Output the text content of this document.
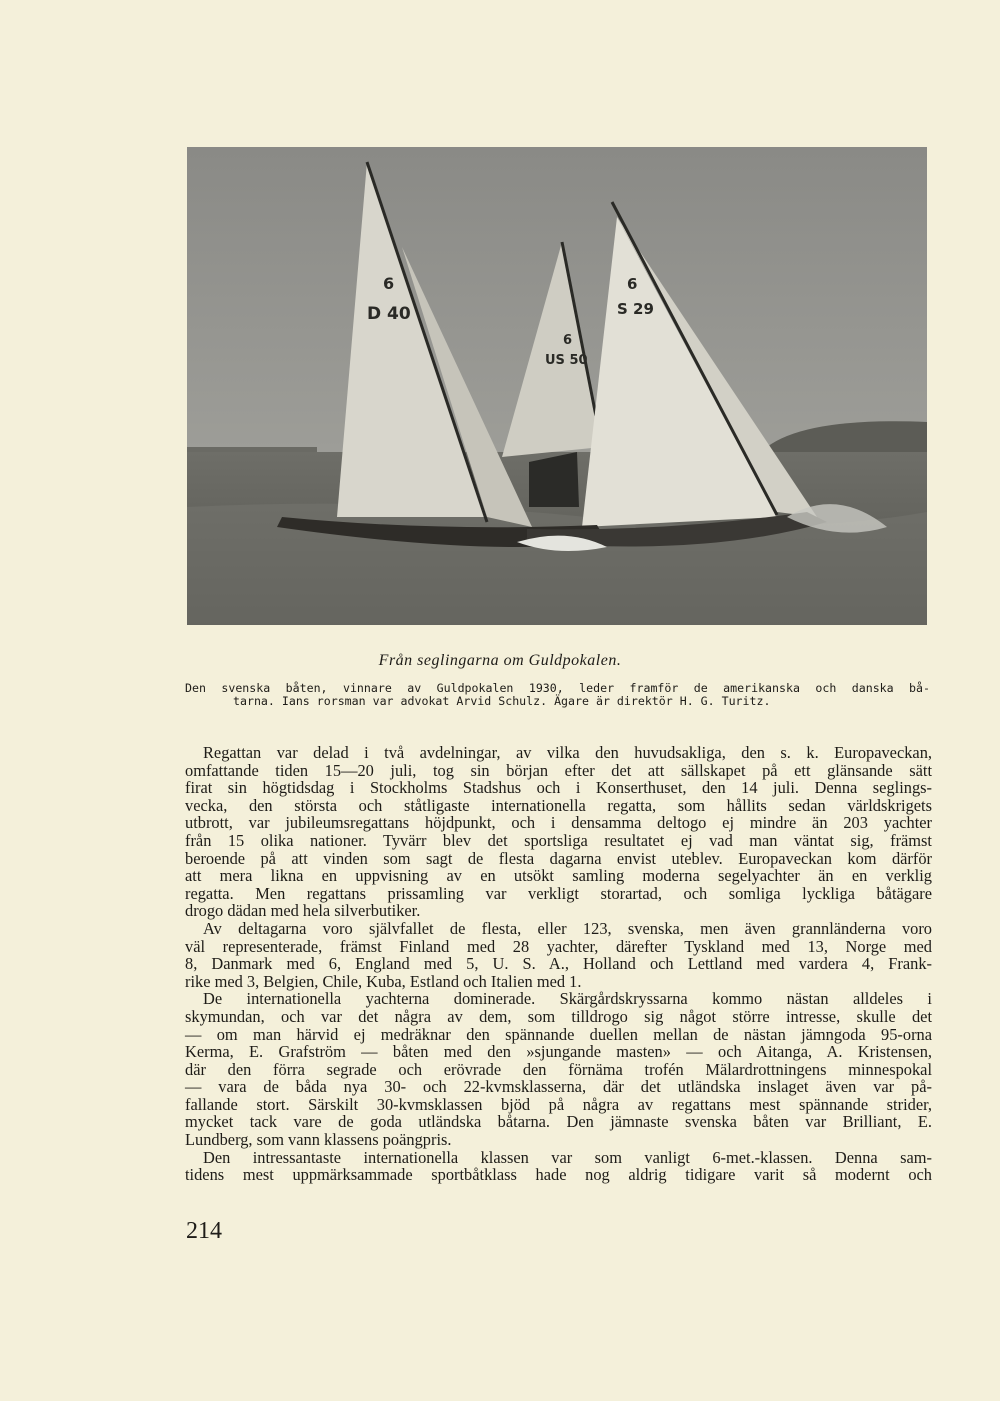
6
D 40
6
US 50
6
S 29
Från seglingarna om Guldpokalen.
Den svenska båten, vinnare av Guldpokalen 1930, leder framför de amerikanska och danska bå-
tarna. Ians rorsman var advokat Arvid Schulz. Ägare är direktör H. G. Turitz.
Regattan var delad i två avdelningar, av vilka den huvudsakliga, den s. k. Europaveckan,
omfattande tiden 15—20 juli, tog sin början efter det att sällskapet på ett glänsande sätt
firat sin högtidsdag i Stockholms Stadshus och i Konserthuset, den 14 juli. Denna seglings-
vecka, den största och ståtligaste internationella regatta, som hållits sedan världskrigets
utbrott, var jubileumsregattans höjdpunkt, och i densamma deltogo ej mindre än 203 yachter
från 15 olika nationer. Tyvärr blev det sportsliga resultatet ej vad man väntat sig, främst
beroende på att vinden som sagt de flesta dagarna envist uteblev. Europaveckan kom därför
att mera likna en uppvisning av en utsökt samling moderna segelyachter än en verklig
regatta. Men regattans prissamling var verkligt storartad, och somliga lyckliga båtägare
drogo dädan med hela silverbutiker.
Av deltagarna voro självfallet de flesta, eller 123, svenska, men även grannländerna voro
väl representerade, främst Finland med 28 yachter, därefter Tyskland med 13, Norge med
8, Danmark med 6, England med 5, U. S. A., Holland och Lettland med vardera 4, Frank-
rike med 3, Belgien, Chile, Kuba, Estland och Italien med 1.
De internationella yachterna dominerade. Skärgårdskryssarna kommo nästan alldeles i
skymundan, och var det några av dem, som tilldrogo sig något större intresse, skulle det
— om man härvid ej medräknar den spännande duellen mellan de nästan jämngoda 95-orna
Kerma, E. Grafström — båten med den »sjungande masten» — och Aitanga, A. Kristensen,
där den förra segrade och erövrade den förnäma trofén Mälardrottningens minnespokal
— vara de båda nya 30- och 22-kvmsklasserna, där det utländska inslaget även var på-
fallande stort. Särskilt 30-kvmsklassen bjöd på några av regattans mest spännande strider,
mycket tack vare de goda utländska båtarna. Den jämnaste svenska båten var Brilliant, E.
Lundberg, som vann klassens poängpris.
Den intressantaste internationella klassen var som vanligt 6-met.-klassen. Denna sam-
tidens mest uppmärksammade sportbåtklass hade nog aldrig tidigare varit så modernt och
214
